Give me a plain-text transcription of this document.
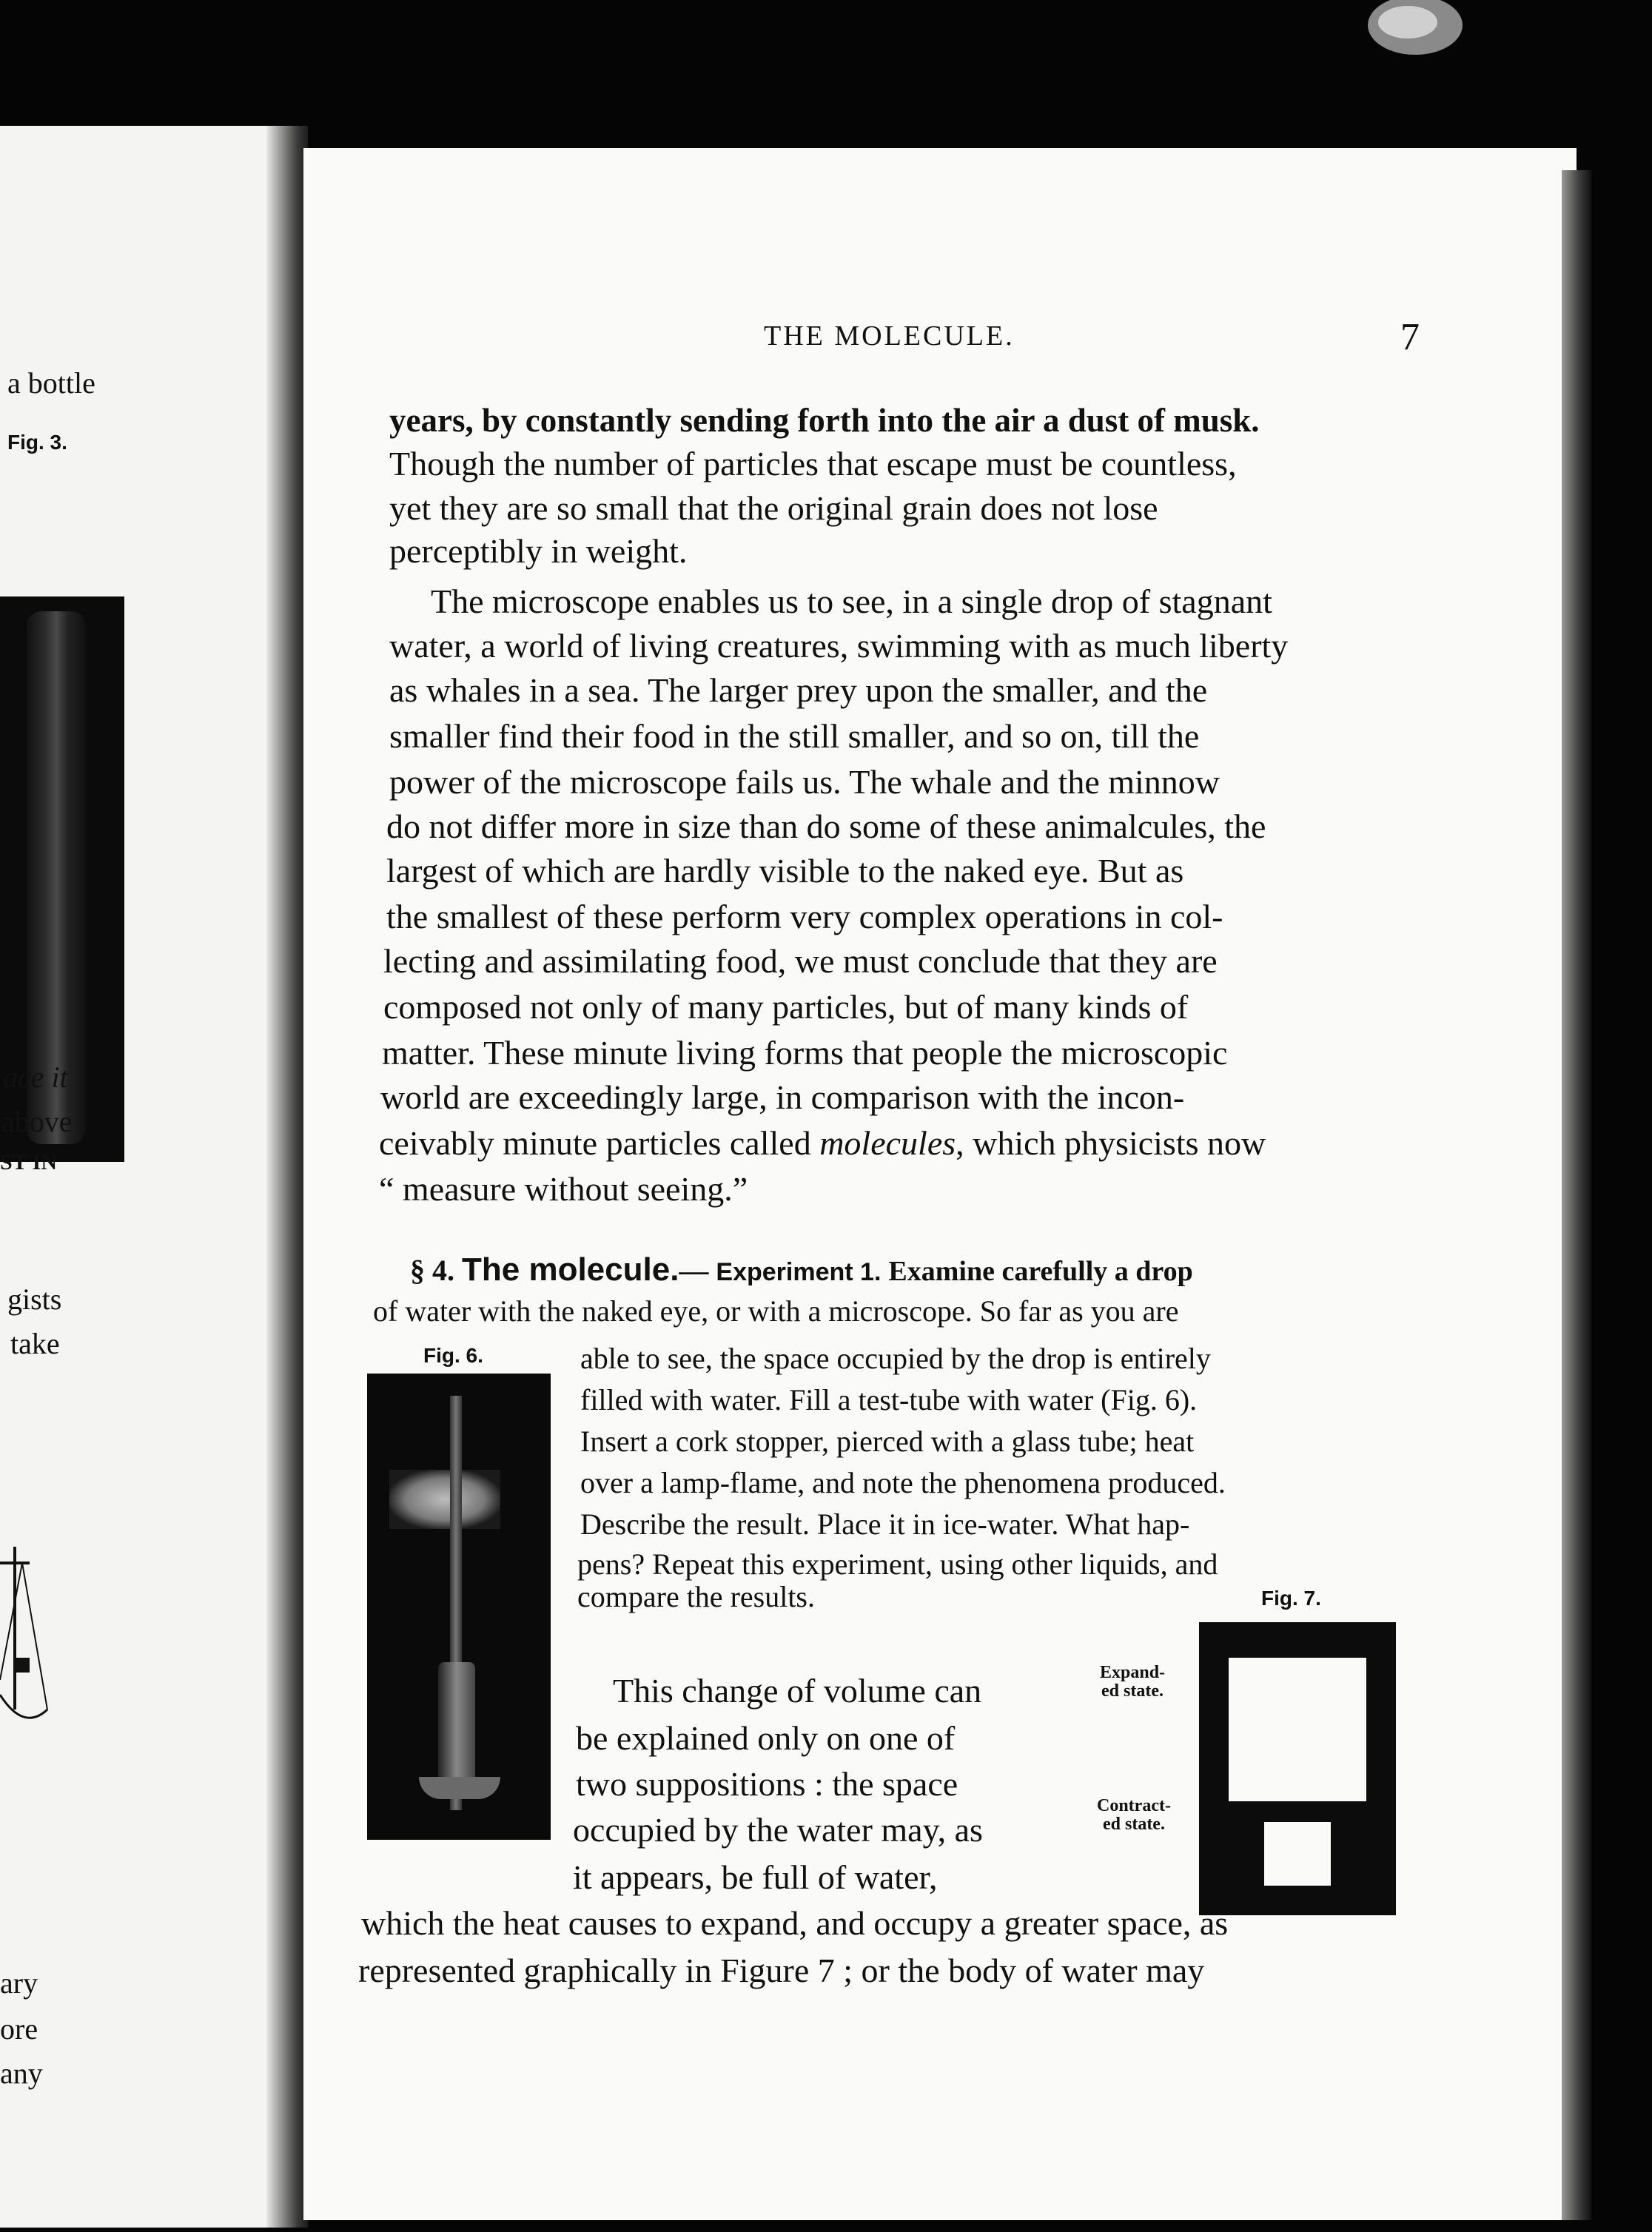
a bottle
Fig. 3.
ace it
above
ST IN
gists
take
ary
ore
any
THE MOLECULE.	7
years, by constantly sending forth into the air a dust of musk.
Though the number of particles that escape must be countless,
yet they are so small that the original grain does not lose
perceptibly in weight.
The microscope enables us to see, in a single drop of stagnant
water, a world of living creatures, swimming with as much liberty
as whales in a sea. The larger prey upon the smaller, and the
smaller find their food in the still smaller, and so on, till the
power of the microscope fails us. The whale and the minnow
do not differ more in size than do some of these animalcules, the
largest of which are hardly visible to the naked eye. But as
the smallest of these perform very complex operations in col-
lecting and assimilating food, we must conclude that they are
composed not only of many particles, but of many kinds of
matter. These minute living forms that people the microscopic
world are exceedingly large, in comparison with the incon-
ceivably minute particles called molecules, which physicists now
“ measure without seeing.”
§ 4. The molecule.— Experiment 1. Examine carefully a drop
of water with the naked eye, or with a microscope. So far as you are
Fig. 6.	able to see, the space occupied by the drop is entirely
filled with water. Fill a test-tube with water (Fig. 6).
Insert a cork stopper, pierced with a glass tube; heat
over a lamp-flame, and note the phenomena produced.
Describe the result. Place it in ice-water. What hap-
pens? Repeat this experiment, using other liquids, and
compare the results.	Fig. 7.
Expand-
ed state.
Contract-
ed state.
This change of volume can
be explained only on one of
two suppositions : the space
occupied by the water may, as
it appears, be full of water,
which the heat causes to expand, and occupy a greater space, as
represented graphically in Figure 7 ; or the body of water may
